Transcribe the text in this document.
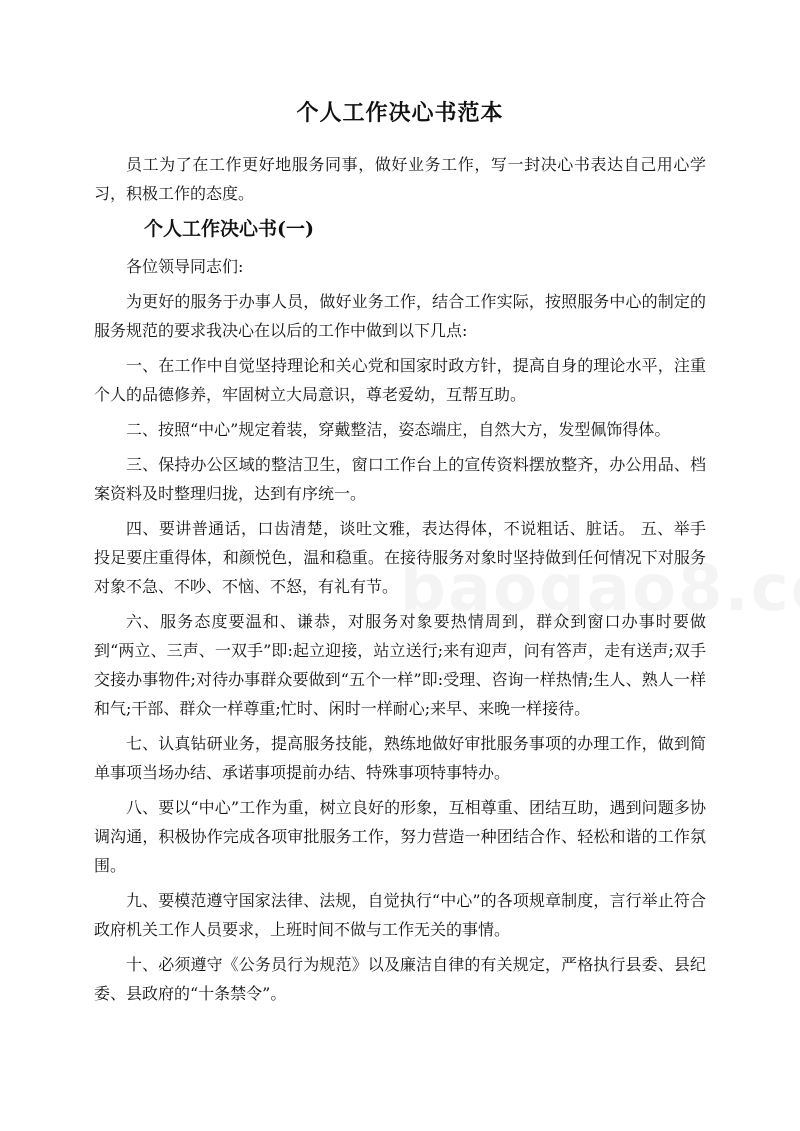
个人工作决心书范本

员工为了在工作更好地服务同事，做好业务工作，写一封决心书表达自己用心学习，积极工作的态度。

个人工作决心书(一)

各位领导同志们:

为更好的服务于办事人员，做好业务工作，结合工作实际，按照服务中心的制定的服务规范的要求我决心在以后的工作中做到以下几点:

一、在工作中自觉坚持理论和关心党和国家时政方针，提高自身的理论水平，注重个人的品德修养，牢固树立大局意识，尊老爱幼，互帮互助。

二、按照“中心”规定着装，穿戴整洁，姿态端庄，自然大方，发型佩饰得体。

三、保持办公区域的整洁卫生，窗口工作台上的宣传资料摆放整齐，办公用品、档案资料及时整理归拢，达到有序统一。

四、要讲普通话，口齿清楚，谈吐文雅，表达得体，不说粗话、脏话。 五、举手投足要庄重得体，和颜悦色，温和稳重。在接待服务对象时坚持做到任何情况下对服务对象不急、不吵、不恼、不怒，有礼有节。

六、服务态度要温和、谦恭，对服务对象要热情周到，群众到窗口办事时要做到“两立、三声、一双手”即:起立迎接，站立送行;来有迎声，问有答声，走有送声;双手交接办事物件;对待办事群众要做到“五个一样”即:受理、咨询一样热情;生人、熟人一样和气;干部、群众一样尊重;忙时、闲时一样耐心;来早、来晚一样接待。

七、认真钻研业务，提高服务技能，熟练地做好审批服务事项的办理工作，做到简单事项当场办结、承诺事项提前办结、特殊事项特事特办。

八、要以“中心”工作为重，树立良好的形象，互相尊重、团结互助，遇到问题多协调沟通，积极协作完成各项审批服务工作，努力营造一种团结合作、轻松和谐的工作氛围。

九、要模范遵守国家法律、法规，自觉执行“中心”的各项规章制度，言行举止符合政府机关工作人员要求，上班时间不做与工作无关的事情。

十、必须遵守《公务员行为规范》以及廉洁自律的有关规定，严格执行县委、县纪委、县政府的“十条禁令”。
